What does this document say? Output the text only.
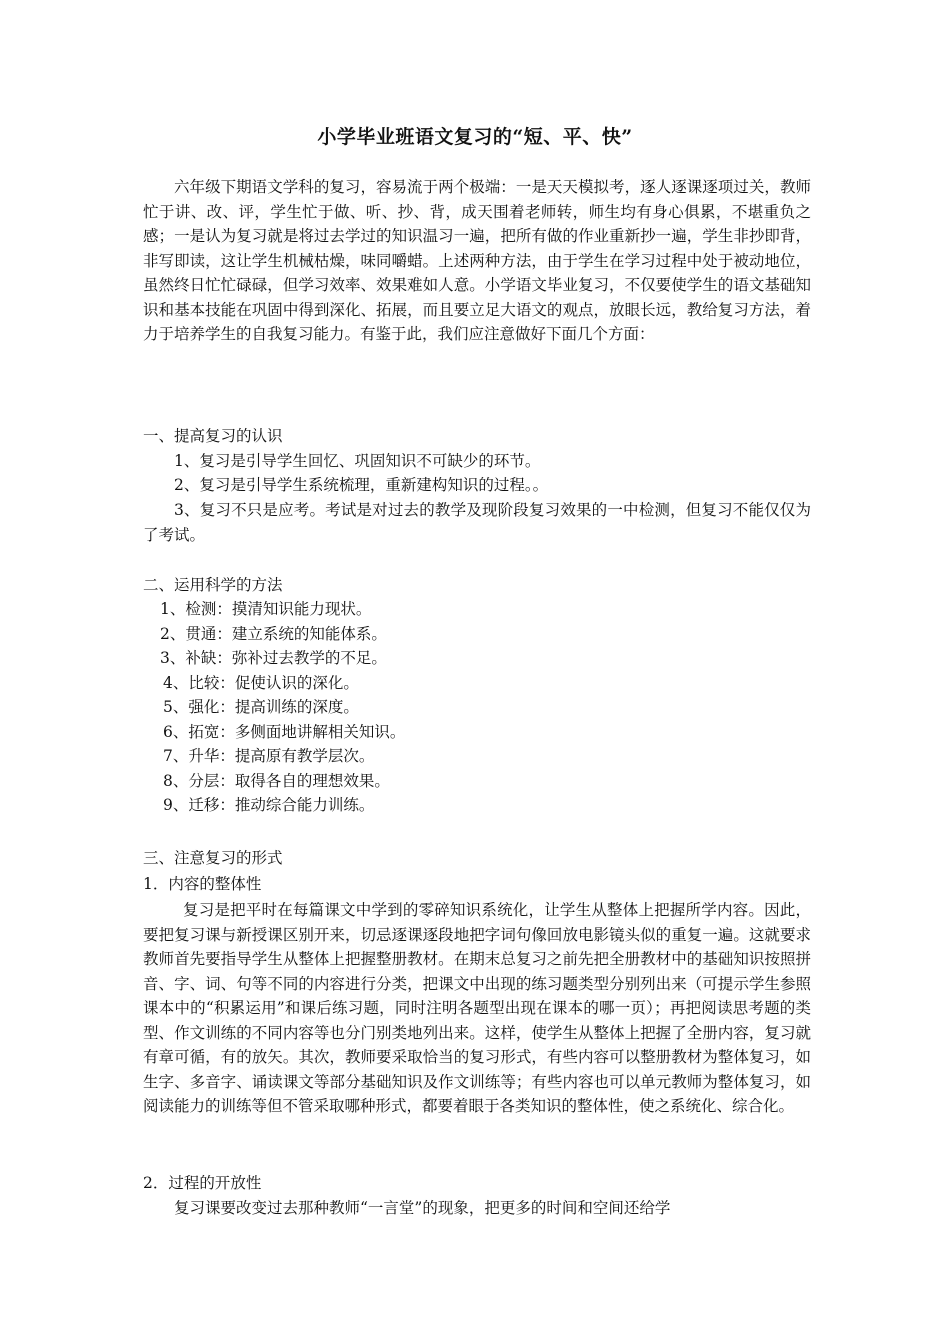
小学毕业班语文复习的“短、平、快”
六年级下期语文学科的复习，容易流于两个极端：一是天天模拟考，逐人逐课逐项过关，教师忙于讲、改、评，学生忙于做、听、抄、背，成天围着老师转，师生均有身心俱累，不堪重负之感；一是认为复习就是将过去学过的知识温习一遍，把所有做的作业重新抄一遍，学生非抄即背，非写即读，这让学生机械枯燥，味同嚼蜡。上述两种方法，由于学生在学习过程中处于被动地位，虽然终日忙忙碌碌，但学习效率、效果难如人意。小学语文毕业复习，不仅要使学生的语文基础知识和基本技能在巩固中得到深化、拓展，而且要立足大语文的观点，放眼长远，教给复习方法，着力于培养学生的自我复习能力。有鉴于此，我们应注意做好下面几个方面：
一、提高复习的认识
1、复习是引导学生回忆、巩固知识不可缺少的环节。
2、复习是引导学生系统梳理，重新建构知识的过程。。
3、复习不只是应考。考试是对过去的教学及现阶段复习效果的一中检测，但复习不能仅仅为了考试。
二、运用科学的方法
1、检测：摸清知识能力现状。
2、贯通：建立系统的知能体系。
3、补缺：弥补过去教学的不足。
4、比较：促使认识的深化。
5、强化：提高训练的深度。
6、拓宽：多侧面地讲解相关知识。
7、升华：提高原有教学层次。
8、分层：取得各自的理想效果。
9、迁移：推动综合能力训练。
三、注意复习的形式
1．内容的整体性
复习是把平时在每篇课文中学到的零碎知识系统化，让学生从整体上把握所学内容。因此，要把复习课与新授课区别开来，切忌逐课逐段地把字词句像回放电影镜头似的重复一遍。这就要求教师首先要指导学生从整体上把握整册教材。在期末总复习之前先把全册教材中的基础知识按照拼音、字、词、句等不同的内容进行分类，把课文中出现的练习题类型分别列出来（可提示学生参照课本中的“积累运用”和课后练习题，同时注明各题型出现在课本的哪一页）；再把阅读思考题的类型、作文训练的不同内容等也分门别类地列出来。这样，使学生从整体上把握了全册内容，复习就有章可循，有的放矢。其次，教师要采取恰当的复习形式，有些内容可以整册教材为整体复习，如生字、多音字、诵读课文等部分基础知识及作文训练等；有些内容也可以单元教师为整体复习，如阅读能力的训练等但不管采取哪种形式，都要着眼于各类知识的整体性，使之系统化、综合化。
2．过程的开放性
复习课要改变过去那种教师“一言堂”的现象，把更多的时间和空间还给学
